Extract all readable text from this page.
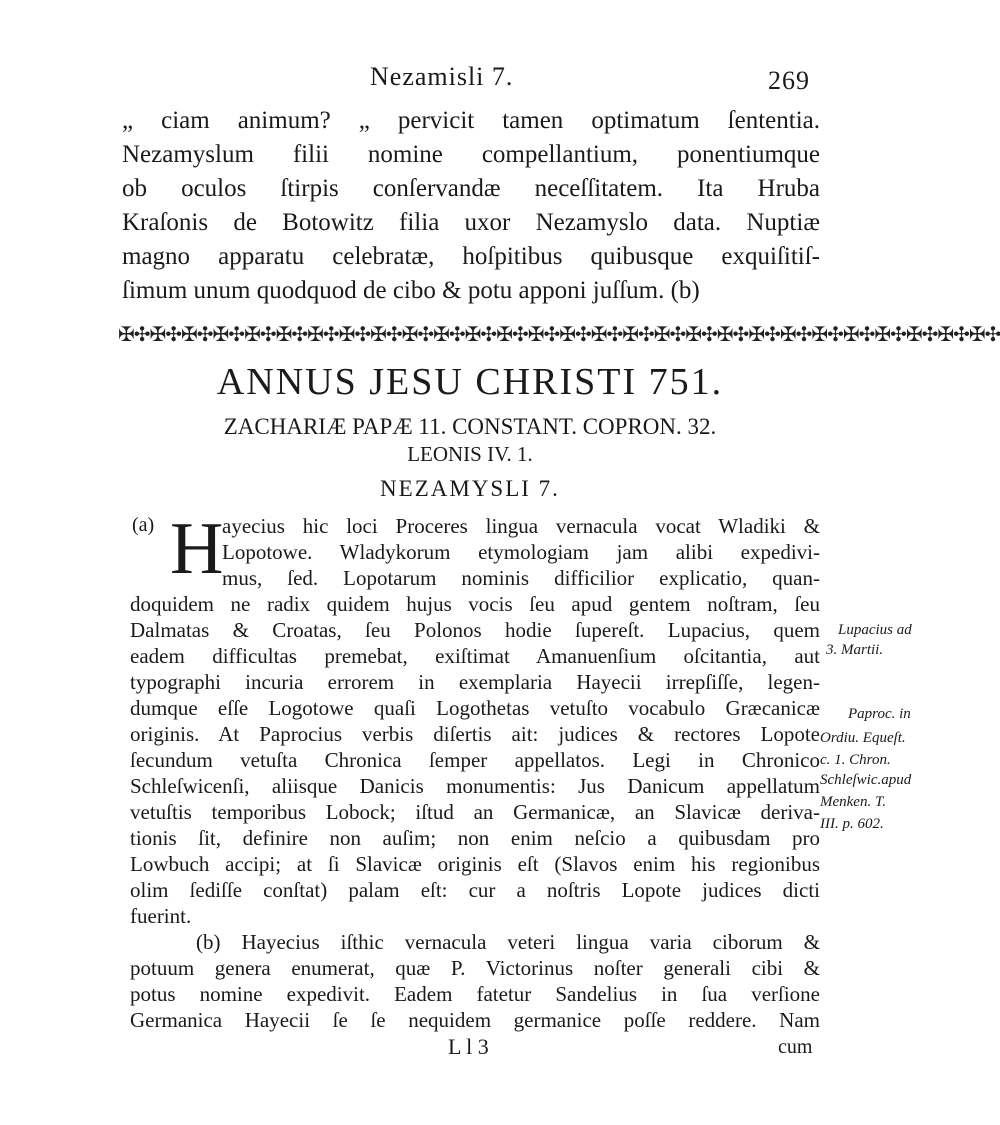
Nezamisli 7.	269
„ ciam animum? „ pervicit tamen optimatum ſententia.
Nezamyslum filii nomine compellantium, ponentiumque
ob oculos ſtirpis conſervandæ neceſſitatem. Ita Hruba
Kraſonis de Botowitz filia uxor Nezamyslo data. Nuptiæ
magno apparatu celebratæ, hoſpitibus quibusque exquiſitiſ-
ſimum unum quodquod de cibo & potu apponi juſſum. (b)
✠✣✠✣✠✣✠✣✠✣✠✣✠✣✠✣✠✣✠✣✠✣✠✣✠✣✠✣✠✣✠✣✠✣✠✣✠✣✠✣✠✣✠✣✠✣✠✣✠✣✠✣✠✣✠✣
ANNUS JESU CHRISTI 751.
ZACHARIÆ PAPÆ 11. CONSTANT. COPRON. 32.
LEONIS IV. 1.
NEZAMYSLI 7.
(a) H
ayecius hic loci Proceres lingua vernacula vocat Wladiki &
Lopotowe. Wladykorum etymologiam jam alibi expedivi-
mus, ſed. Lopotarum nominis difficilior explicatio, quan-
doquidem ne radix quidem hujus vocis ſeu apud gentem noſtram, ſeu
Dalmatas & Croatas, ſeu Polonos hodie ſupereſt. Lupacius, quem
eadem difficultas premebat, exiſtimat Amanuenſium oſcitantia, aut
typographi incuria errorem in exemplaria Hayecii irrepſiſſe, legen-
dumque eſſe Logotowe quaſi Logothetas vetuſto vocabulo Græcanicæ
originis. At Paprocius verbis diſertis ait: judices & rectores Lopote
ſecundum vetuſta Chronica ſemper appellatos. Legi in Chronico
Schleſwicenſi, aliisque Danicis monumentis: Jus Danicum appellatum
vetuſtis temporibus Lobock; iſtud an Germanicæ, an Slavicæ deriva-
tionis ſit, definire non auſim; non enim neſcio a quibusdam pro
Lowbuch accipi; at ſi Slavicæ originis eſt (Slavos enim his regionibus
olim ſediſſe conſtat) palam eſt: cur a noſtris Lopote judices dicti
fuerint.
(b) Hayecius iſthic vernacula veteri lingua varia ciborum &
potuum genera enumerat, quæ P. Victorinus noſter generali cibi &
potus nomine expedivit. Eadem fatetur Sandelius in ſua verſione
Germanica Hayecii ſe ſe nequidem germanice poſſe reddere. Nam
L l 3	cum
Lupacius ad
3. Martii.
Paproc. in
Ordiu. Equeſt.
c. 1. Chron.
Schleſwic.apud
Menken. T.
III. p. 602.
